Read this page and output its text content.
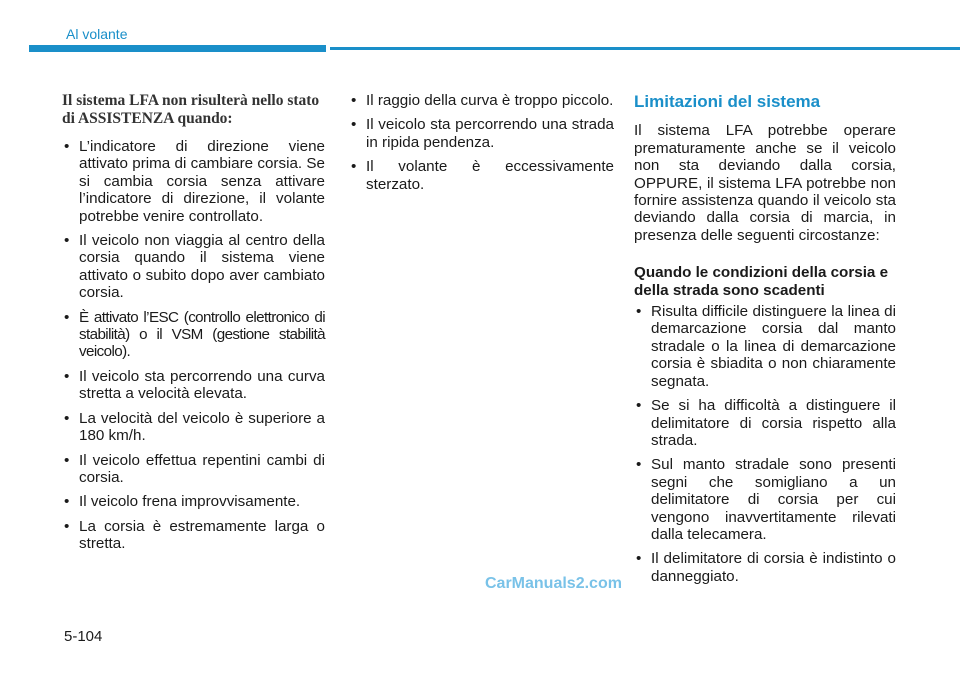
Al volante
Il sistema LFA non risulterà nello stato di ASSISTENZA quando:
• L’indicatore di direzione viene attivato prima di cambiare corsia. Se si cambia corsia senza attivare l’indicatore di direzione, il volante potrebbe venire controllato.
• Il veicolo non viaggia al centro della corsia quando il sistema viene attivato o subito dopo aver cambiato corsia.
• È attivato l’ESC (controllo elettronico di stabilità) o il VSM (gestione stabilità veicolo).
• Il veicolo sta percorrendo una curva stretta a velocità elevata.
• La velocità del veicolo è superiore a 180 km/h.
• Il veicolo effettua repentini cambi di corsia.
• Il veicolo frena improvvisamente.
• La corsia è estremamente larga o stretta.
• Il raggio della curva è troppo piccolo.
• Il veicolo sta percorrendo una strada in ripida pendenza.
• Il volante è eccessivamente sterzato.
Limitazioni del sistema
Il sistema LFA potrebbe operare prematuramente anche se il veicolo non sta deviando dalla corsia, OPPURE, il sistema LFA potrebbe non fornire assistenza quando il veicolo sta deviando dalla corsia di marcia, in presenza delle seguenti circostanze:
Quando le condizioni della corsia e della strada sono scadenti
• Risulta difficile distinguere la linea di demarcazione corsia dal manto stradale o la linea di demarcazione corsia è sbiadita o non chiaramente segnata.
• Se si ha difficoltà a distinguere il delimitatore di corsia rispetto alla strada.
• Sul manto stradale sono presenti segni che somigliano a un delimitatore di corsia per cui vengono inavvertitamente rilevati dalla telecamera.
• Il delimitatore di corsia è indistinto o danneggiato.
CarManuals2.com
5-104
